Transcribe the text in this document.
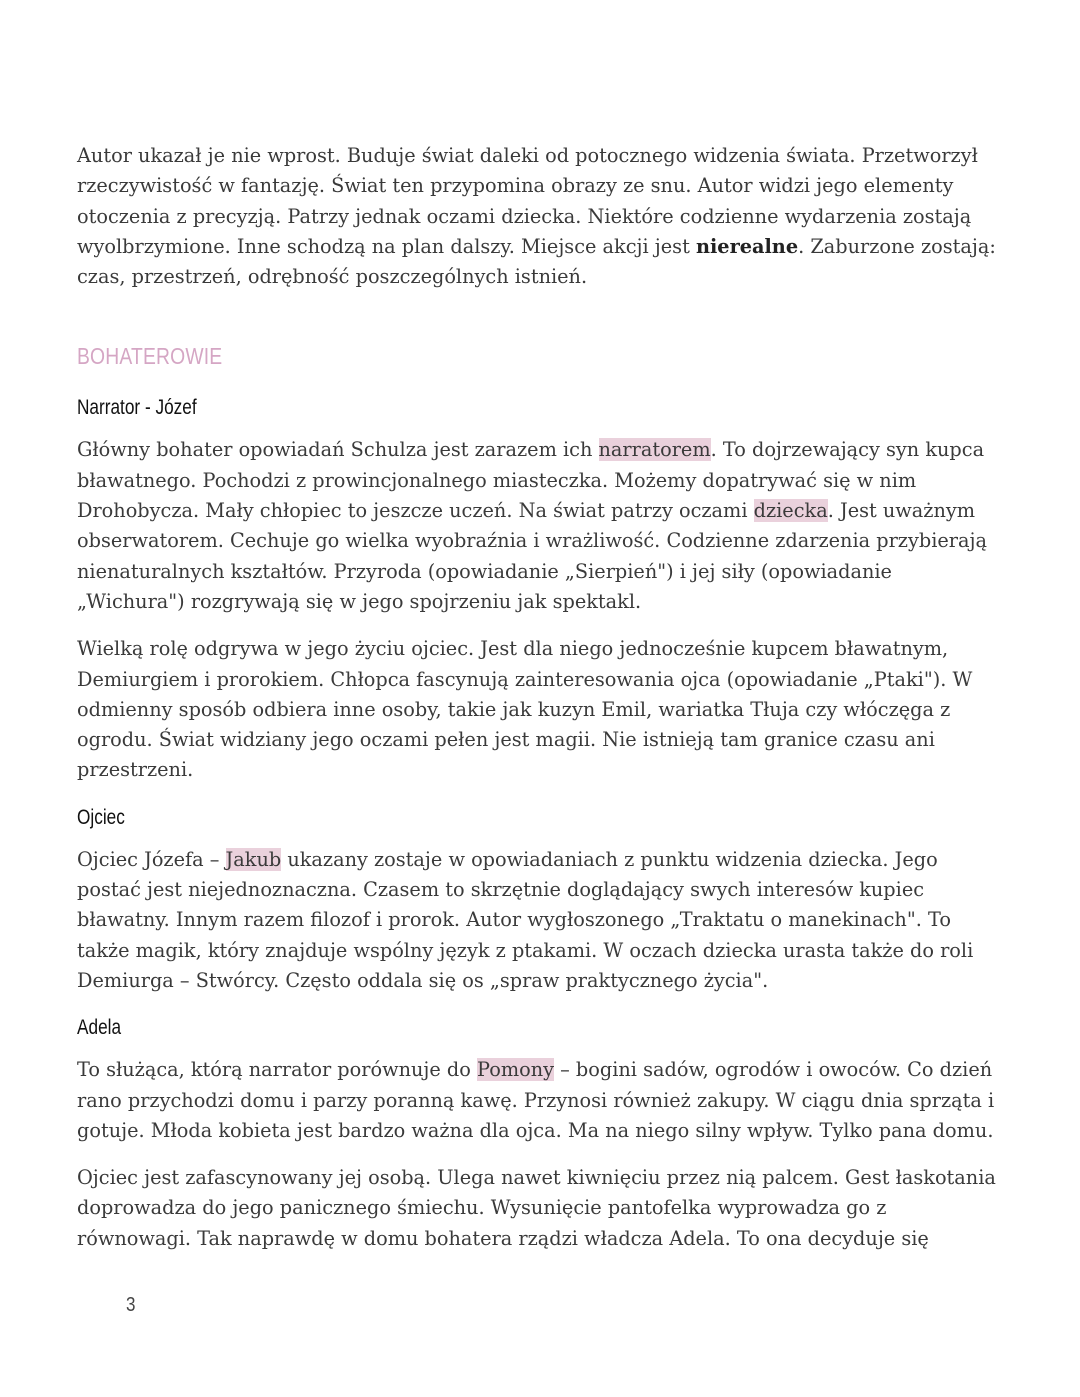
Autor ukazał je nie wprost. Buduje świat daleki od potocznego widzenia świata. Przetworzył rzeczywistość w fantazję. Świat ten przypomina obrazy ze snu. Autor widzi jego elementy otoczenia z precyzją. Patrzy jednak oczami dziecka. Niektóre codzienne wydarzenia zostają wyolbrzymione. Inne schodzą na plan dalszy. Miejsce akcji jest nierealne. Zaburzone zostają: czas, przestrzeń, odrębność poszczególnych istnień.

BOHATEROWIE
Narrator - Józef

Główny bohater opowiadań Schulza jest zarazem ich narratorem. To dojrzewający syn kupca bławatnego. Pochodzi z prowincjonalnego miasteczka. Możemy dopatrywać się w nim Drohobycza. Mały chłopiec to jeszcze uczeń. Na świat patrzy oczami dziecka. Jest uważnym obserwatorem. Cechuje go wielka wyobraźnia i wrażliwość. Codzienne zdarzenia przybierają nienaturalnych kształtów. Przyroda (opowiadanie „Sierpień") i jej siły (opowiadanie „Wichura") rozgrywają się w jego spojrzeniu jak spektakl.

Wielką rolę odgrywa w jego życiu ojciec. Jest dla niego jednocześnie kupcem bławatnym, Demiurgiem i prorokiem. Chłopca fascynują zainteresowania ojca (opowiadanie „Ptaki"). W odmienny sposób odbiera inne osoby, takie jak kuzyn Emil, wariatka Tłuja czy włóczęga z ogrodu. Świat widziany jego oczami pełen jest magii. Nie istnieją tam granice czasu ani przestrzeni.

Ojciec

Ojciec Józefa – Jakub ukazany zostaje w opowiadaniach z punktu widzenia dziecka. Jego postać jest niejednoznaczna. Czasem to skrzętnie doglądający swych interesów kupiec bławatny. Innym razem filozof i prorok. Autor wygłoszonego „Traktatu o manekinach". To także magik, który znajduje wspólny język z ptakami. W oczach dziecka urasta także do roli Demiurga – Stwórcy. Często oddala się os „spraw praktycznego życia".

Adela

To służąca, którą narrator porównuje do Pomony – bogini sadów, ogrodów i owoców. Co dzień rano przychodzi domu i parzy poranną kawę. Przynosi również zakupy. W ciągu dnia sprząta i gotuje. Młoda kobieta jest bardzo ważna dla ojca. Ma na niego silny wpływ. Tylko pana domu.

Ojciec jest zafascynowany jej osobą. Ulega nawet kiwnięciu przez nią palcem. Gest łaskotania doprowadza do jego panicznego śmiechu. Wysunięcie pantofelka wyprowadza go z równowagi. Tak naprawdę w domu bohatera rządzi władcza Adela. To ona decyduje się

3
